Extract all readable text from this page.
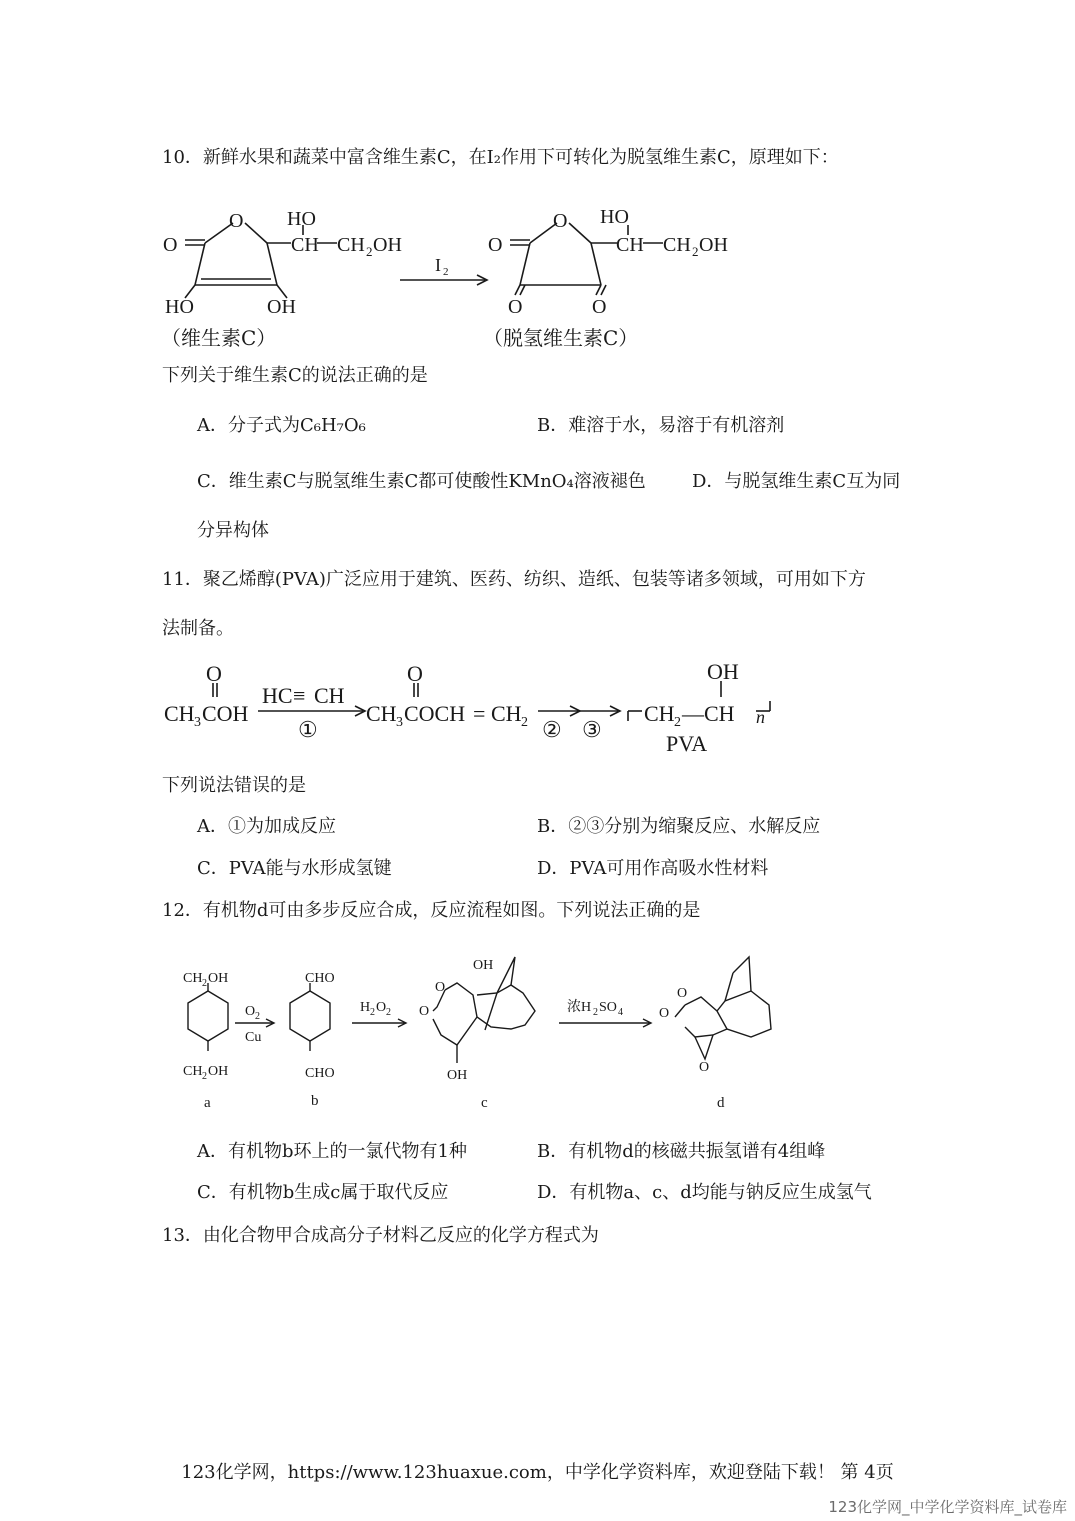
10．新鲜水果和蔬菜中富含维生素C，在I₂作用下可转化为脱氢维生素C，原理如下：
O
O
HO
CH CH 2 OH
HO	OH
O
O
HO
CH CH 2 OH
O	O
I 2
（维生素C）	（脱氢维生素C）
下列关于维生素C的说法正确的是
A．分子式为C₆H₇O₆	B．难溶于水，易溶于有机溶剂
C．维生素C与脱氢维生素C都可使酸性KMnO₄溶液褪色	D．与脱氢维生素C互为同
分异构体
11．聚乙烯醇(PVA)广泛应用于建筑、医药、纺织、造纸、包装等诸多领域，可用如下方
法制备。
O
CH 3 COH
HC ≡ CH
①
O
CH 3 COCH = CH 2 ② ③
CH 2 —CH
OH
n
PVA
下列说法错误的是
A．①为加成反应	B．②③分别为缩聚反应、水解反应
C．PVA能与水形成氢键	D．PVA可用作高吸水性材料
12．有机物d可由多步反应合成，反应流程如图。下列说法正确的是
CH 2 OH
CH 2 OH
O 2
Cu
CHO
CHO
H 2 O 2
OH
O
O
OH
浓H 2 SO 4
O
O
O
a	b	c	d
A．有机物b环上的一氯代物有1种	B．有机物d的核磁共振氢谱有4组峰
C．有机物b生成c属于取代反应	D．有机物a、c、d均能与钠反应生成氢气
13．由化合物甲合成高分子材料乙反应的化学方程式为
123化学网，https://www.123huaxue.com，中学化学资料库，欢迎登陆下载！ 第 4页
123化学网_中学化学资料库_试卷库
